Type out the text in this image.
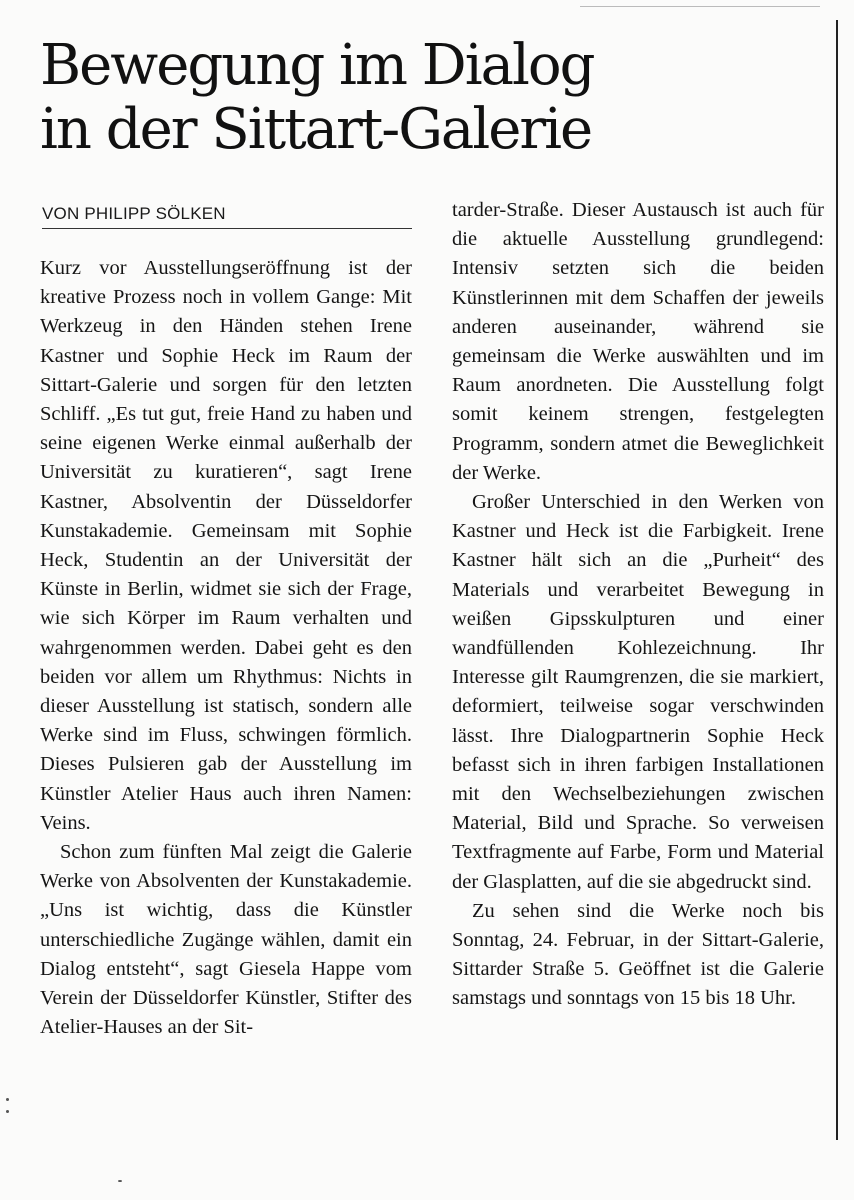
Bewegung im Dialog
in der Sittart-Galerie
VON PHILIPP SÖLKEN

Kurz vor Ausstellungseröffnung ist der kreative Prozess noch in vollem Gange: Mit Werkzeug in den Händen stehen Irene Kastner und Sophie Heck im Raum der Sittart-Galerie und sorgen für den letzten Schliff. „Es tut gut, freie Hand zu haben und seine eigenen Werke einmal außerhalb der Universität zu kuratieren“, sagt Irene Kastner, Absolventin der Düsseldorfer Kunstakademie. Gemeinsam mit Sophie Heck, Studentin an der Universität der Künste in Berlin, widmet sie sich der Frage, wie sich Körper im Raum verhalten und wahrgenommen werden. Dabei geht es den beiden vor allem um Rhythmus: Nichts in dieser Ausstellung ist statisch, sondern alle Werke sind im Fluss, schwingen förmlich. Dieses Pulsieren gab der Ausstellung im Künstler Atelier Haus auch ihren Namen: Veins.

Schon zum fünften Mal zeigt die Galerie Werke von Absolventen der Kunstakademie. „Uns ist wichtig, dass die Künstler unterschiedliche Zugänge wählen, damit ein Dialog entsteht“, sagt Giesela Happe vom Verein der Düsseldorfer Künstler, Stifter des Atelier-Hauses an der Sit-

tarder-Straße. Dieser Austausch ist auch für die aktuelle Ausstellung grundlegend: Intensiv setzten sich die beiden Künstlerinnen mit dem Schaffen der jeweils anderen auseinander, während sie gemeinsam die Werke auswählten und im Raum anordneten. Die Ausstellung folgt somit keinem strengen, festgelegten Programm, sondern atmet die Beweglichkeit der Werke.

Großer Unterschied in den Werken von Kastner und Heck ist die Farbigkeit. Irene Kastner hält sich an die „Purheit“ des Materials und verarbeitet Bewegung in weißen Gipsskulpturen und einer wandfüllenden Kohlezeichnung. Ihr Interesse gilt Raumgrenzen, die sie markiert, deformiert, teilweise sogar verschwinden lässt. Ihre Dialogpartnerin Sophie Heck befasst sich in ihren farbigen Installationen mit den Wechselbeziehungen zwischen Material, Bild und Sprache. So verweisen Textfragmente auf Farbe, Form und Material der Glasplatten, auf die sie abgedruckt sind.

Zu sehen sind die Werke noch bis Sonntag, 24. Februar, in der Sittart-Galerie, Sittarder Straße 5. Geöffnet ist die Galerie samstags und sonntags von 15 bis 18 Uhr.
